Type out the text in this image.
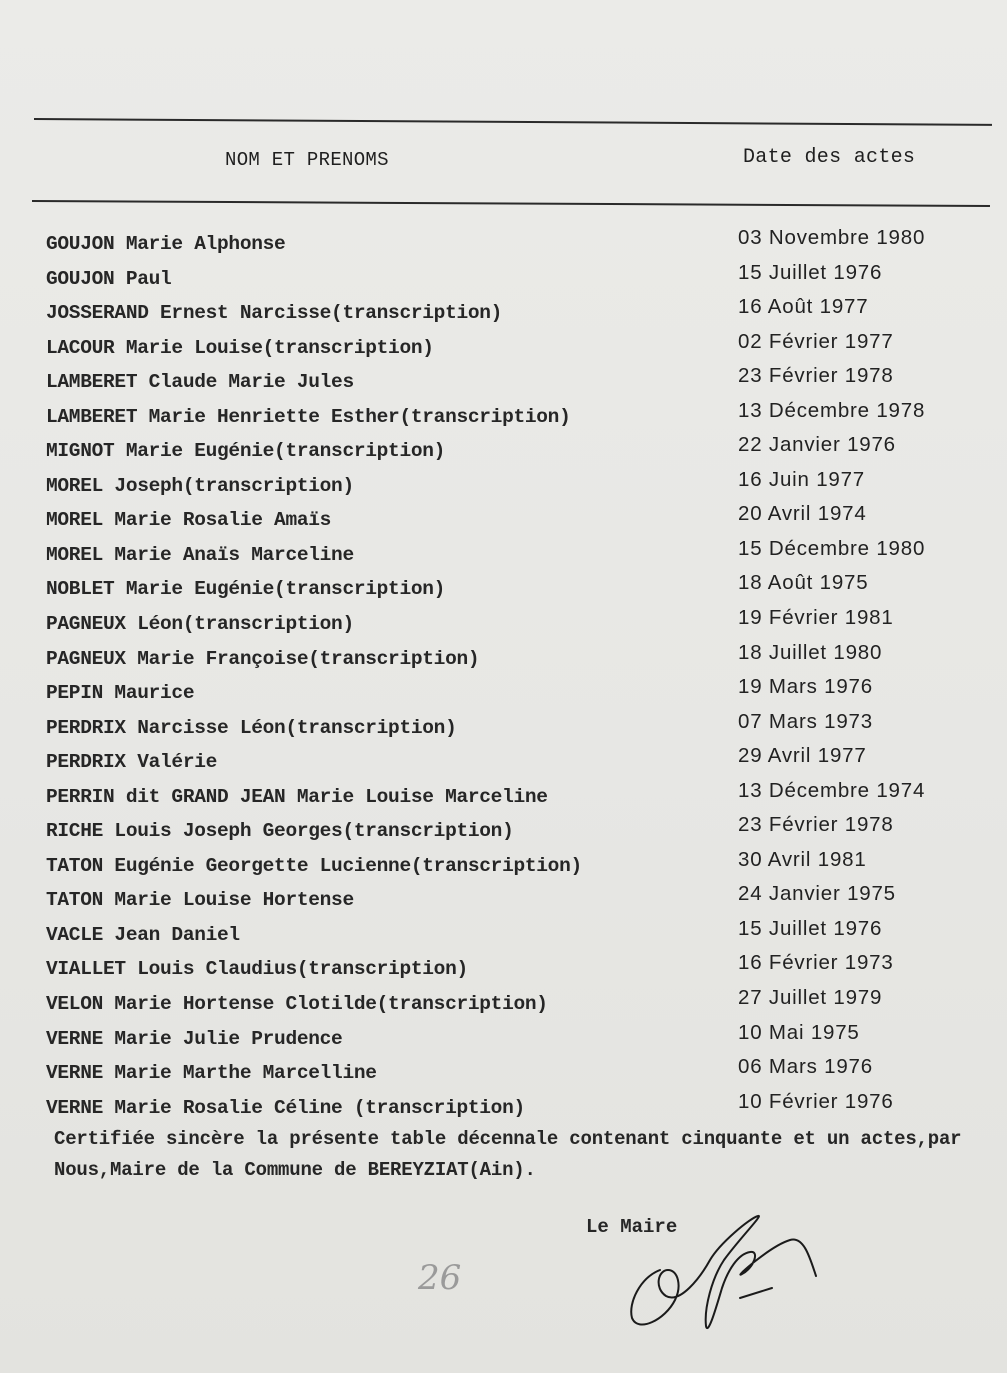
NOM ET PRENOMS	Date des actes
GOUJON Marie Alphonse
GOUJON Paul
JOSSERAND Ernest Narcisse(transcription)
LACOUR Marie Louise(transcription)
LAMBERET Claude Marie Jules
LAMBERET Marie Henriette Esther(transcription)
MIGNOT Marie Eugénie(transcription)
MOREL Joseph(transcription)
MOREL Marie Rosalie Amaïs
MOREL Marie Anaïs Marceline
NOBLET Marie Eugénie(transcription)
PAGNEUX Léon(transcription)
PAGNEUX Marie Françoise(transcription)
PEPIN Maurice
PERDRIX Narcisse Léon(transcription)
PERDRIX Valérie
PERRIN dit GRAND JEAN Marie Louise Marceline
RICHE Louis Joseph Georges(transcription)
TATON Eugénie Georgette Lucienne(transcription)
TATON Marie Louise Hortense
VACLE Jean Daniel
VIALLET Louis Claudius(transcription)
VELON Marie Hortense Clotilde(transcription)
VERNE Marie Julie Prudence
VERNE Marie Marthe Marcelline
VERNE Marie Rosalie Céline (transcription)
03 Novembre 1980
15 Juillet 1976
16 Août 1977
02 Février 1977
23 Février 1978
13 Décembre 1978
22 Janvier 1976
16 Juin 1977
20 Avril 1974
15 Décembre 1980
18 Août 1975
19 Février 1981
18 Juillet 1980
19 Mars 1976
07 Mars 1973
29 Avril 1977
13 Décembre 1974
23 Février 1978
30 Avril 1981
24 Janvier 1975
15 Juillet 1976
16 Février 1973
27 Juillet 1979
10 Mai 1975
06 Mars 1976
10 Février 1976
Certifiée sincère la présente table décennale contenant cinquante et un actes,par
Nous,Maire de la Commune de BEREYZIAT(Ain).
Le Maire
26
